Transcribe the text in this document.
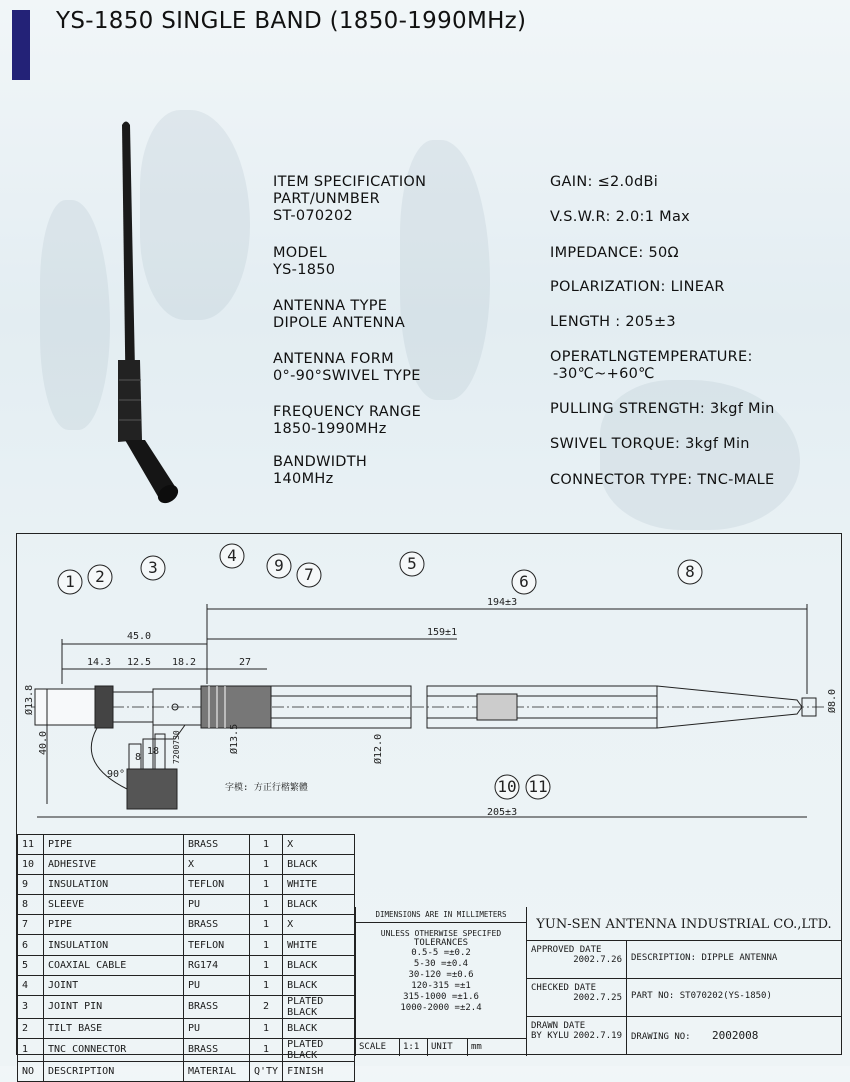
YS-1850 SINGLE BAND (1850-1990MHz)
ITEM SPECIFICATION
PART/UNMBER
ST-070202
MODEL
YS-1850
ANTENNA TYPE
DIPOLE ANTENNA
ANTENNA FORM
0°-90°SWIVEL TYPE
FREQUENCY RANGE
1850-1990MHz
BANDWIDTH
140MHz
GAIN: ≤2.0dBi
V.S.W.R: 2.0:1 Max
IMPEDANCE: 50Ω
POLARIZATION: LINEAR
LENGTH : 205±3
OPERATLNGTEMPERATURE:
-30℃~+60℃
PULLING STRENGTH: 3kgf Min
SWIVEL TORQUE: 3kgf Min
CONNECTOR TYPE: TNC-MALE
1 2	3
4
9 7
5
6
8
10 11
194±3
159±1
45.0
14.3 12.5 18.2	27
205±3
Ø13.8
Ø13.5	Ø12.0
Ø8.0
40.0
8
18
90°
7200730
字模: 方正行楷繁體
11	PIPE	BRASS	1	X
10	ADHESIVE	X	1	BLACK
9	INSULATION	TEFLON	1	WHITE
8	SLEEVE	PU	1	BLACK
7	PIPE	BRASS	1	X
6	INSULATION	TEFLON	1	WHITE
5	COAXIAL CABLE	RG174	1	BLACK
4	JOINT	PU	1	BLACK
3	JOINT PIN	BRASS	2	PLATED BLACK
2	TILT BASE	PU	1	BLACK
1	TNC CONNECTOR	BRASS	1	PLATED BLACK
NO	DESCRIPTION	MATERIAL	Q'TY	FINISH
DIMENSIONS ARE IN MILLIMETERS
UNLESS OTHERWISE SPECIFED
TOLERANCES
0.5-5 =±0.2
5-30 =±0.4
30-120 =±0.6
120-315 =±1
315-1000 =±1.6
1000-2000 =±2.4
SCALE	1:1	UNIT	mm
YUN-SEN ANTENNA INDUSTRIAL CO.,LTD.
APPROVED DATE
2002.7.26	DESCRIPTION: DIPPLE ANTENNA
CHECKED DATE
2002.7.25	PART NO: ST070202(YS-1850)
DRAWN DATE
BY KYLU 2002.7.19	DRAWING NO: 2002008
